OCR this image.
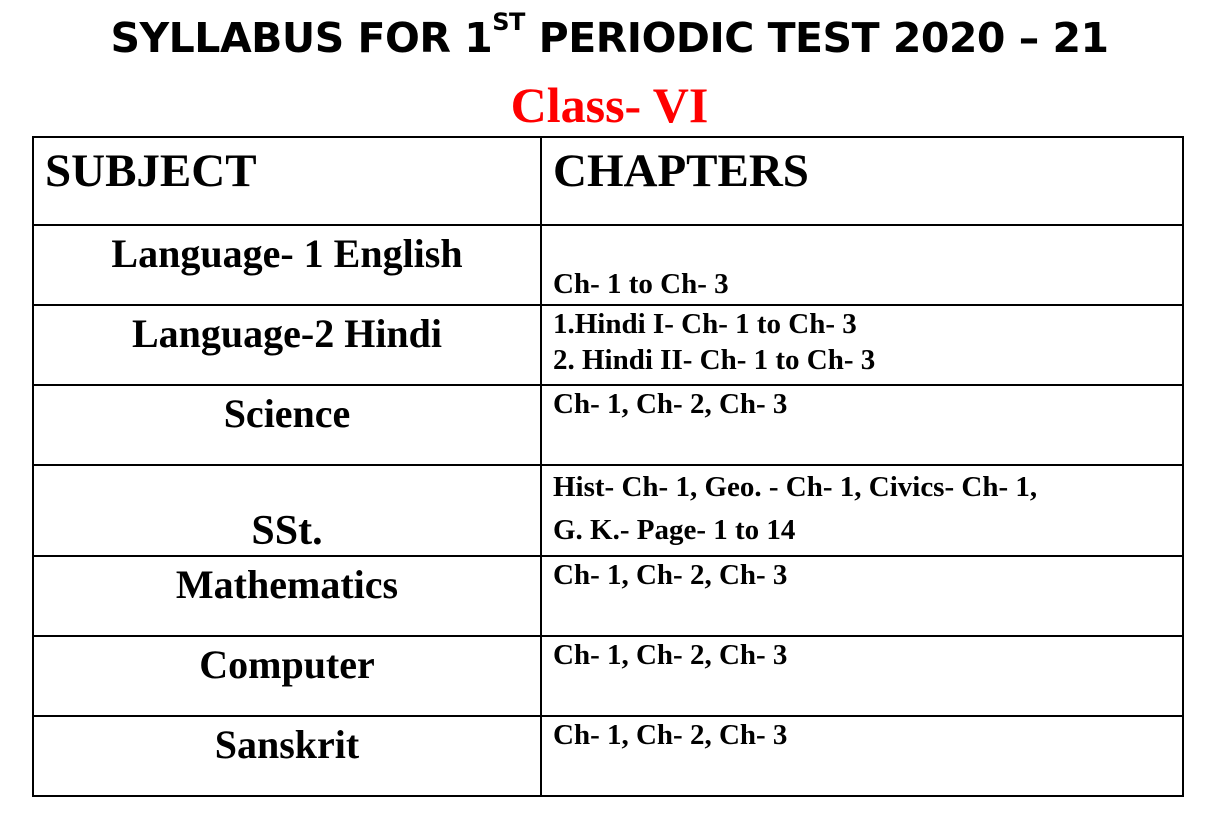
SYLLABUS FOR 1ST PERIODIC TEST 2020 – 21
Class- VI
SUBJECT	CHAPTERS

Language- 1 English	Ch- 1 to Ch- 3

Language-2 Hindi	1.Hindi I- Ch- 1 to Ch- 3
2. Hindi II- Ch- 1 to Ch- 3

Science	Ch- 1, Ch- 2, Ch- 3

SSt.	Hist- Ch- 1, Geo. - Ch- 1, Civics- Ch- 1,
G. K.- Page- 1 to 14

Mathematics	Ch- 1, Ch- 2, Ch- 3

Computer	Ch- 1, Ch- 2, Ch- 3

Sanskrit	Ch- 1, Ch- 2, Ch- 3
